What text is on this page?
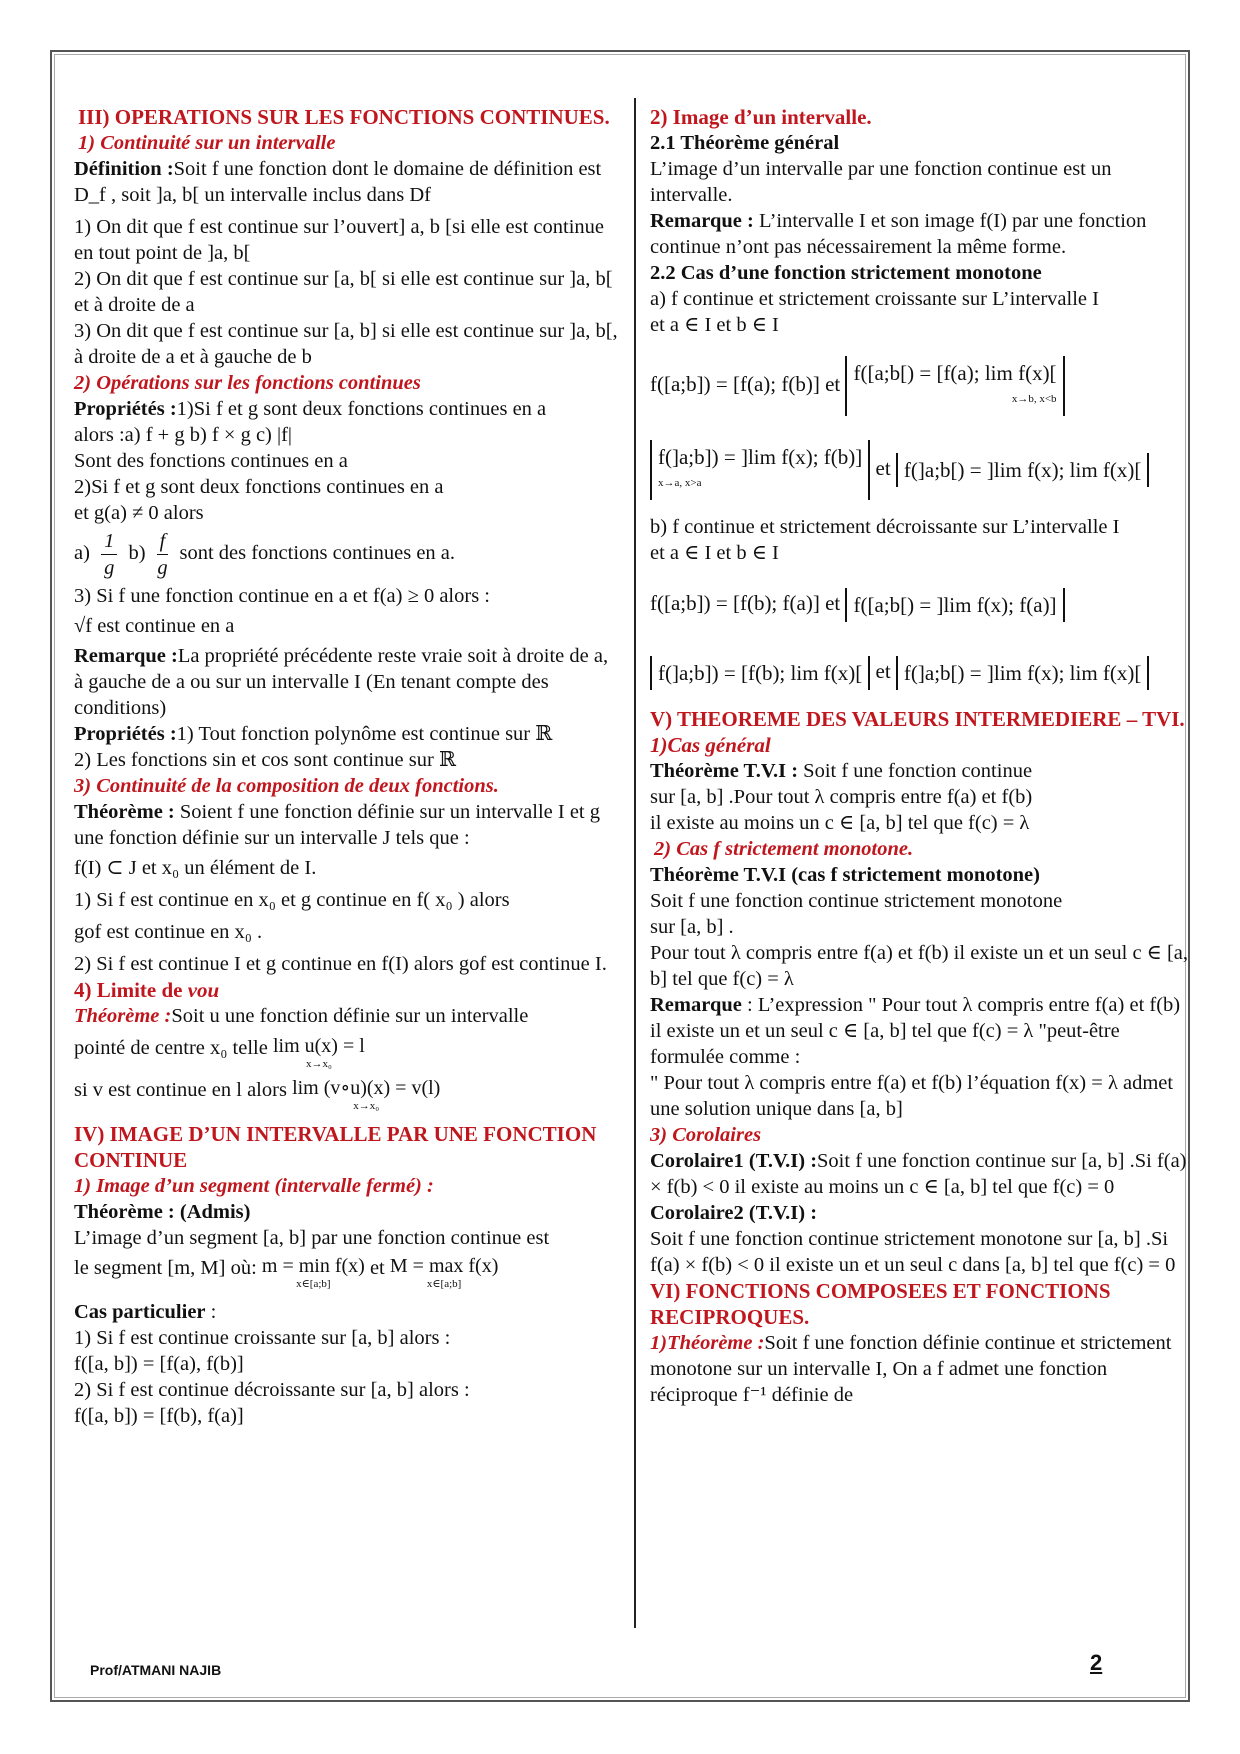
III) OPERATIONS SUR LES FONCTIONS CONTINUES.

1) Continuité sur un intervalle

Définition :Soit f une fonction dont le domaine de définition est D_f , soit ]a, b[ un intervalle inclus dans Df

1) On dit que f est continue sur l’ouvert] a, b [si elle est continue en tout point de ]a, b[

2) On dit que f est continue sur [a, b[ si elle est continue sur ]a, b[ et à droite de a

3) On dit que f est continue sur [a, b] si elle est continue sur ]a, b[, à droite de a et à gauche de b

2) Opérations sur les fonctions continues

Propriétés :1)Si f et g sont deux fonctions continues en a

alors :a) f + g b) f × g c) |f|

Sont des fonctions continues en a

2)Si f et g sont deux fonctions continues en a

et g(a) ≠ 0 alors

$a) \frac{1}{g} b) \frac{f}{g}$ sont des fonctions continues en a.

3) Si f une fonction continue en a et f(a) ≥ 0 alors :

√f est continue en a

Remarque :La propriété précédente reste vraie soit à droite de a, à gauche de a ou sur un intervalle I (En tenant compte des conditions)

Propriétés :1) Tout fonction polynôme est continue sur ℝ

2) Les fonctions sin et cos sont continue sur ℝ

3) Continuité de la composition de deux fonctions.

Théorème : Soient f une fonction définie sur un intervalle I et g une fonction définie sur un intervalle J tels que :

f(I) ⊂ J et x₀ un élément de I.

1) Si f est continue en x₀ et g continue en f( x₀ ) alors

gof est continue en x₀ .

2) Si f est continue I et g continue en f(I) alors gof est continue I.

4) Limite de vou

Théorème :Soit u une fonction définie sur un intervalle

pointé de centre x₀ telle lim u(x) = l
x→x₀

si v est continue en l alors lim (v∘u)(x) = v(l)
x→x₀

IV) IMAGE D’UN INTERVALLE PAR UNE FONCTION CONTINUE

1) Image d’un segment (intervalle fermé) :

Théorème : (Admis)

L’image d’un segment [a, b] par une fonction continue est

le segment [m, M] où: m = min f(x)
x∈[a;b]
et M = max f(x)
x∈[a;b]

Cas particulier :

1) Si f est continue croissante sur [a, b] alors :

f([a, b]) = [f(a), f(b)]

2) Si f est continue décroissante sur [a, b] alors :

f([a, b]) = [f(b), f(a)]

2) Image d’un intervalle.

2.1 Théorème général

L’image d’un intervalle par une fonction continue est un intervalle.

Remarque : L’intervalle I et son image f(I) par une fonction continue n’ont pas nécessairement la même forme.

2.2 Cas d’une fonction strictement monotone

a) f continue et strictement croissante sur L’intervalle I

et a ∈ I et b ∈ I

f([a;b]) = [f(a); f(b)] et f([a;b[) = [f(a); lim f(x)[
x→b, x<b
f(]a;b]) = ]lim f(x); f(b)]
x→a, x>a
et f(]a;b[) = ]lim f(x); lim f(x)[

b) f continue et strictement décroissante sur L’intervalle I

et a ∈ I et b ∈ I

f([a;b]) = [f(b); f(a)] et f([a;b[) = ]lim f(x); f(a)]
f(]a;b]) = [f(b); lim f(x)[ et f(]a;b[) = ]lim f(x); lim f(x)[

V) THEOREME DES VALEURS INTERMEDIERE – TVI. 1)Cas général

Théorème T.V.I : Soit f une fonction continue

sur [a, b] .Pour tout λ compris entre f(a) et f(b)

il existe au moins un c ∈ [a, b] tel que f(c) = λ

2) Cas f strictement monotone.

Théorème T.V.I (cas f strictement monotone)

Soit f une fonction continue strictement monotone

sur [a, b] .

Pour tout λ compris entre f(a) et f(b) il existe un et un seul c ∈ [a, b] tel que f(c) = λ

Remarque : L’expression " Pour tout λ compris entre f(a) et f(b) il existe un et un seul c ∈ [a, b] tel que f(c) = λ "peut-être formulée comme :

" Pour tout λ compris entre f(a) et f(b) l’équation f(x) = λ admet une solution unique dans [a, b]

3) Corolaires

Corolaire1 (T.V.I) :Soit f une fonction continue sur [a, b] .Si f(a) × f(b) < 0 il existe au moins un c ∈ [a, b] tel que f(c) = 0

Corolaire2 (T.V.I) :

Soit f une fonction continue strictement monotone sur [a, b] .Si f(a) × f(b) < 0 il existe un et un seul c dans [a, b] tel que f(c) = 0

VI) FONCTIONS COMPOSEES ET FONCTIONS RECIPROQUES.

1)Théorème :Soit f une fonction définie continue et strictement monotone sur un intervalle I, On a f admet une fonction réciproque f⁻¹ définie de

Prof/ATMANI NAJIB	2
